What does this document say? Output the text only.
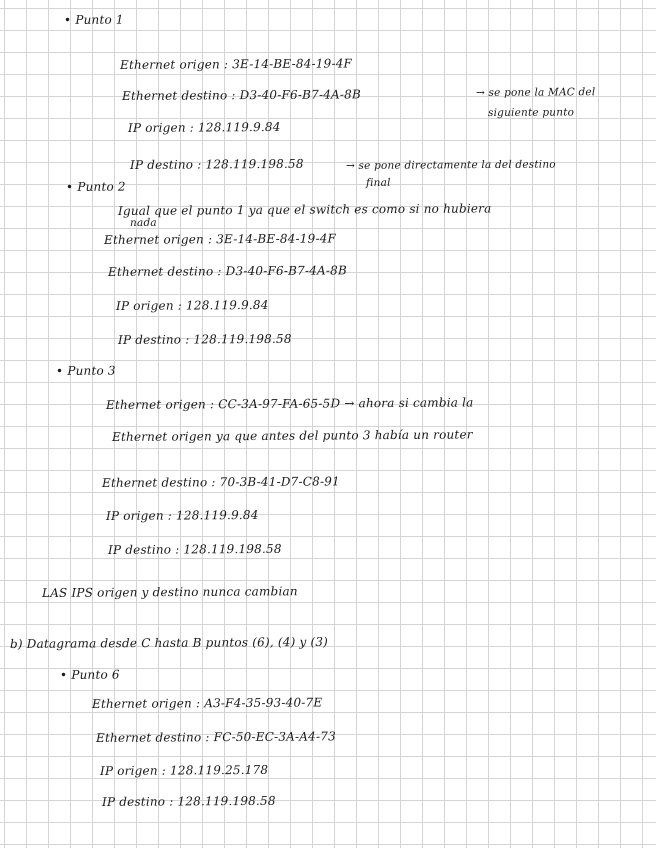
• Punto 1
Ethernet origen : 3E-14-BE-84-19-4F
Ethernet destino : D3-40-F6-B7-4A-8B	→ se pone la MAC del
siguiente punto
IP origen : 128.119.9.84
IP destino : 128.119.198.58	→ se pone directamente la del destino
final
• Punto 2
Igual que el punto 1 ya que el switch es como si no hubiera
nada
Ethernet origen : 3E-14-BE-84-19-4F
Ethernet destino : D3-40-F6-B7-4A-8B
IP origen : 128.119.9.84
IP destino : 128.119.198.58
• Punto 3
Ethernet origen : CC-3A-97-FA-65-5D → ahora si cambia la
Ethernet origen ya que antes del punto 3 había un router
Ethernet destino : 70-3B-41-D7-C8-91
IP origen : 128.119.9.84
IP destino : 128.119.198.58
LAS IPS origen y destino nunca cambian
b) Datagrama desde C hasta B puntos (6), (4) y (3)
• Punto 6
Ethernet origen : A3-F4-35-93-40-7E
Ethernet destino : FC-50-EC-3A-A4-73
IP origen : 128.119.25.178
IP destino : 128.119.198.58
